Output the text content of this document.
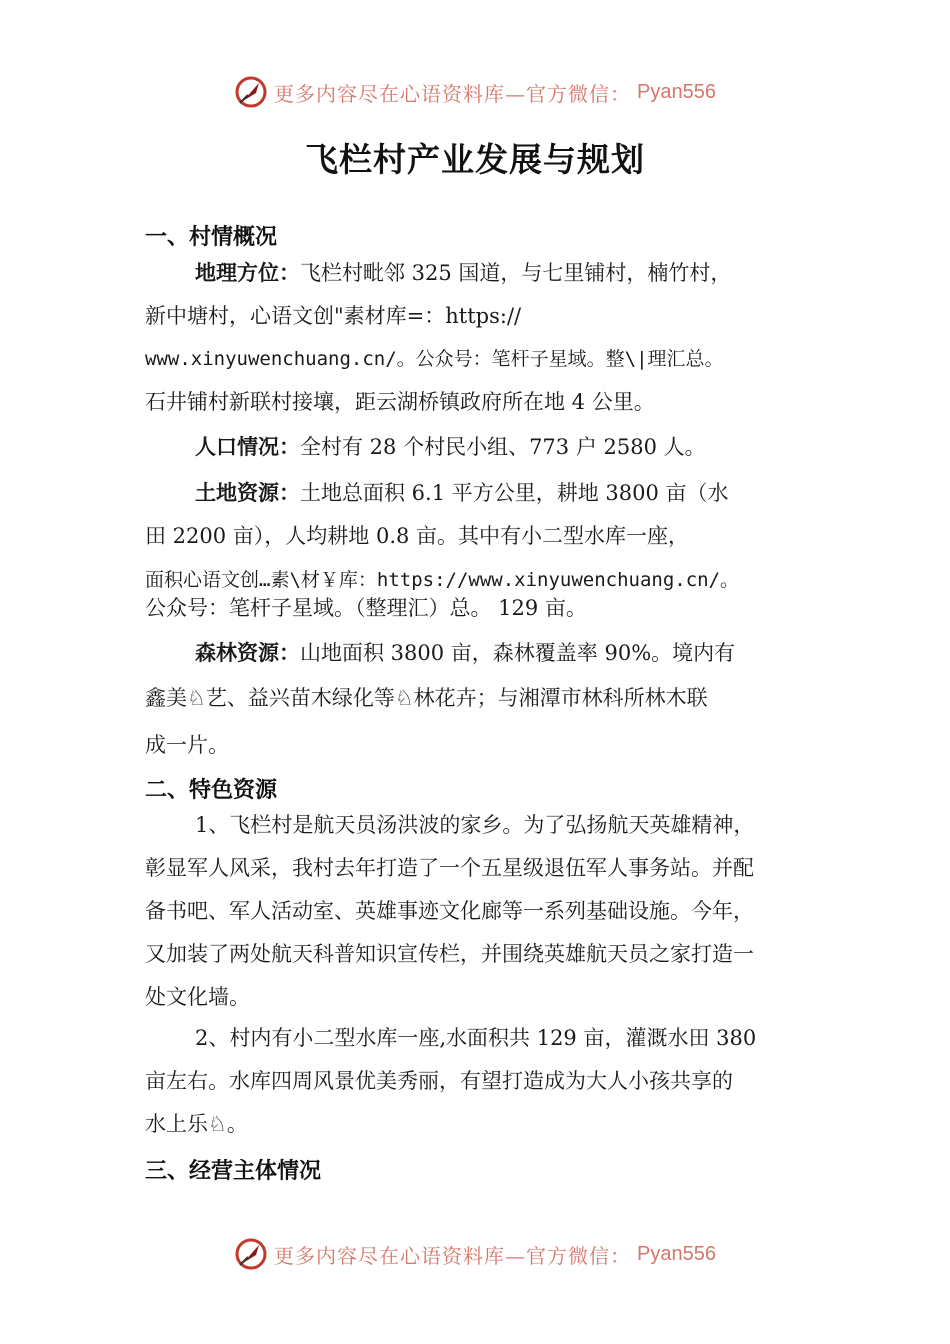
更多内容尽在心语资料库—官方微信： Pyan556
飞栏村产业发展与规划
一、村情概况
地理方位：飞栏村毗邻 325 国道，与七里铺村，楠竹村，
新中塘村，心语文创"素材库=：https://
www.xinyuwenchuang.cn/。公众号：笔杆子星域。整\|理汇总。
石井铺村新联村接壤，距云湖桥镇政府所在地 4 公里。
人口情况：全村有 28 个村民小组、773 户 2580 人。
土地资源：土地总面积 6.1 平方公里，耕地 3800 亩（水
田 2200 亩），人均耕地 0.8 亩。其中有小二型水库一座，
面积心语文创…素\材￥库：https://www.xinyuwenchuang.cn/。
公众号：笔杆子星域。（整理汇）总。 129 亩。
森林资源：山地面积 3800 亩，森林覆盖率 90%。境内有
鑫美♘艺、益兴苗木绿化等♘林花卉；与湘潭市林科所林木联
成一片。
二、特色资源
1、飞栏村是航天员汤洪波的家乡。为了弘扬航天英雄精神，
彰显军人风采，我村去年打造了一个五星级退伍军人事务站。并配
备书吧、军人活动室、英雄事迹文化廊等一系列基础设施。今年，
又加装了两处航天科普知识宣传栏，并围绕英雄航天员之家打造一
处文化墙。
2、村内有小二型水库一座,水面积共 129 亩，灌溉水田 380
亩左右。水库四周风景优美秀丽，有望打造成为大人小孩共享的
水上乐♘。
三、经营主体情况
更多内容尽在心语资料库—官方微信： Pyan556
